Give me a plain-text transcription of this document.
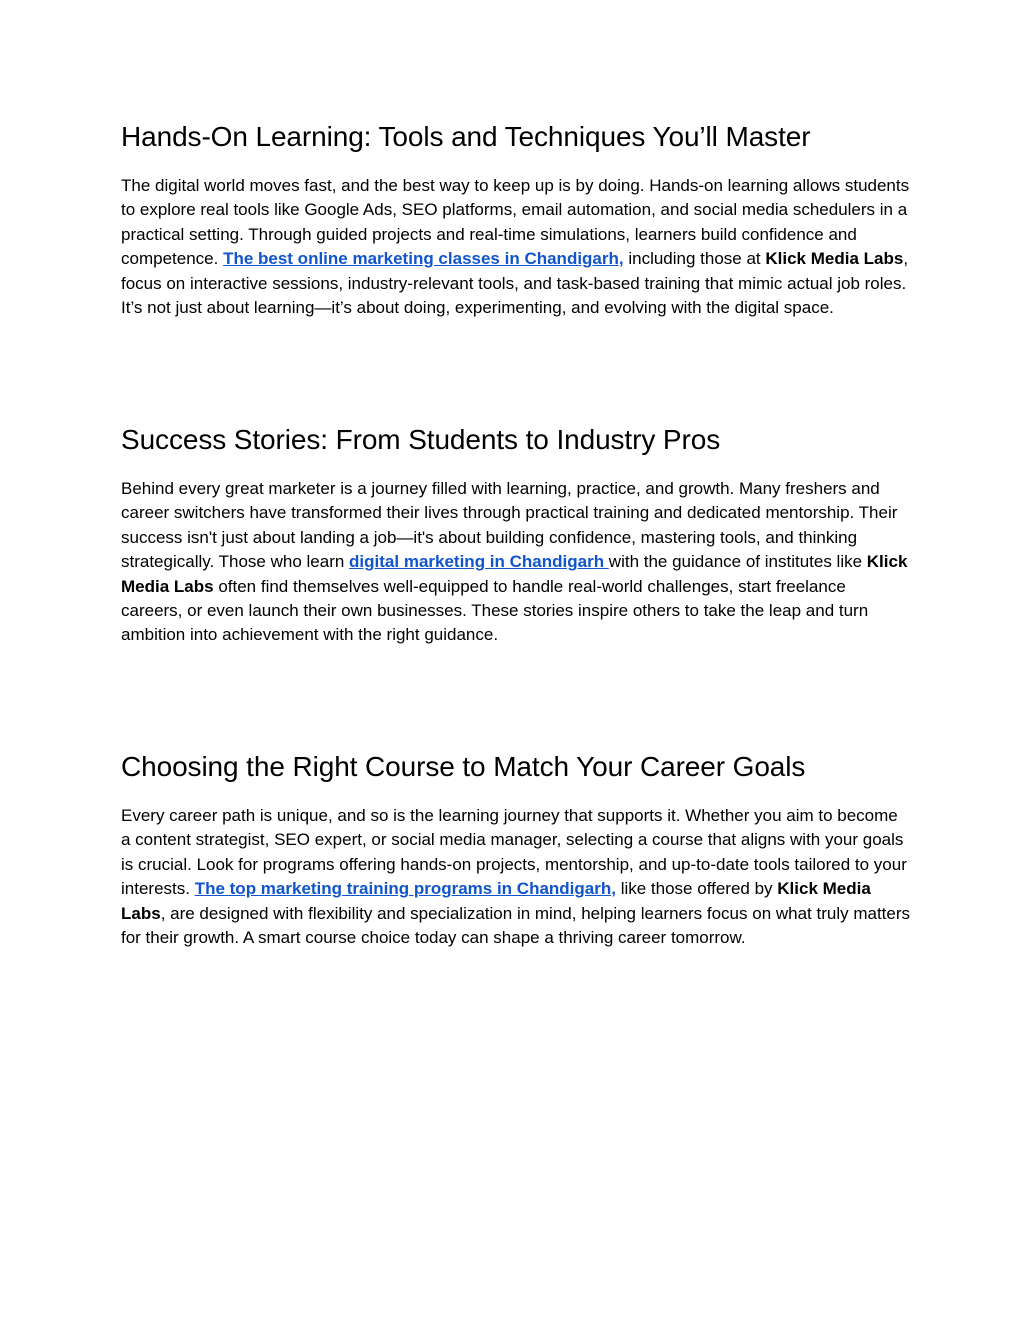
Hands-On Learning: Tools and Techniques You’ll Master

The digital world moves fast, and the best way to keep up is by doing. Hands-on learning allows students to explore real tools like Google Ads, SEO platforms, email automation, and social media schedulers in a practical setting. Through guided projects and real-time simulations, learners build confidence and competence. The best online marketing classes in Chandigarh, including those at Klick Media Labs, focus on interactive sessions, industry-relevant tools, and task-based training that mimic actual job roles. It’s not just about learning—it’s about doing, experimenting, and evolving with the digital space.

Success Stories: From Students to Industry Pros

Behind every great marketer is a journey filled with learning, practice, and growth. Many freshers and career switchers have transformed their lives through practical training and dedicated mentorship. Their success isn't just about landing a job—it's about building confidence, mastering tools, and thinking strategically. Those who learn digital marketing in Chandigarh with the guidance of institutes like Klick Media Labs often find themselves well-equipped to handle real-world challenges, start freelance careers, or even launch their own businesses. These stories inspire others to take the leap and turn ambition into achievement with the right guidance.

Choosing the Right Course to Match Your Career Goals

Every career path is unique, and so is the learning journey that supports it. Whether you aim to become a content strategist, SEO expert, or social media manager, selecting a course that aligns with your goals is crucial. Look for programs offering hands-on projects, mentorship, and up-to-date tools tailored to your interests. The top marketing training programs in Chandigarh, like those offered by Klick Media Labs, are designed with flexibility and specialization in mind, helping learners focus on what truly matters for their growth. A smart course choice today can shape a thriving career tomorrow.
